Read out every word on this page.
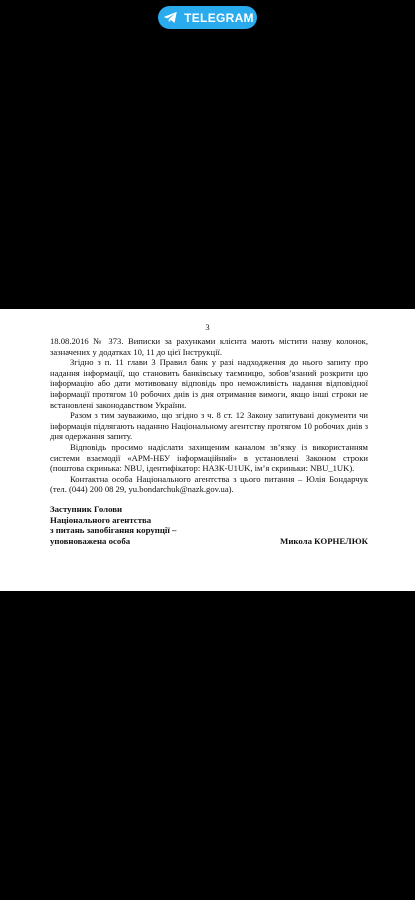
TELEGRAM
3

18.08.2016 № 373. Виписки за рахунками клієнта мають містити назву колонок, зазначених у додатках 10, 11 до цієї Інструкції.

Згідно з п. 11 глави 3 Правил банк у разі надходження до нього запиту про надання інформації, що становить банківську таємницю, зобов’язаний розкрити цю інформацію або дати мотивовану відповідь про неможливість надання відповідної інформації протягом 10 робочих днів із дня отримання вимоги, якщо інші строки не встановлені законодавством України.

Разом з тим зауважимо, що згідно з ч. 8 ст. 12 Закону запитувані документи чи інформація підлягають наданню Національному агентству протягом 10 робочих днів з дня одержання запиту.

Відповідь просимо надіслати захищеним каналом зв’язку із використанням системи взаємодії «АРМ-НБУ інформаційний» в установлені Законом строки (поштова скринька: NBU, ідентифікатор: НАЗК-U1UK, ім’я скриньки: NBU_1UK).

Контактна особа Національного агентства з цього питання – Юлія Бондарчук (тел. (044) 200 08 29, yu.bondarchuk@nazk.gov.ua).

Заступник Голови
Національного агентства
з питань запобігання корупції –
уповноважена особа	Микола КОРНЕЛЮК
